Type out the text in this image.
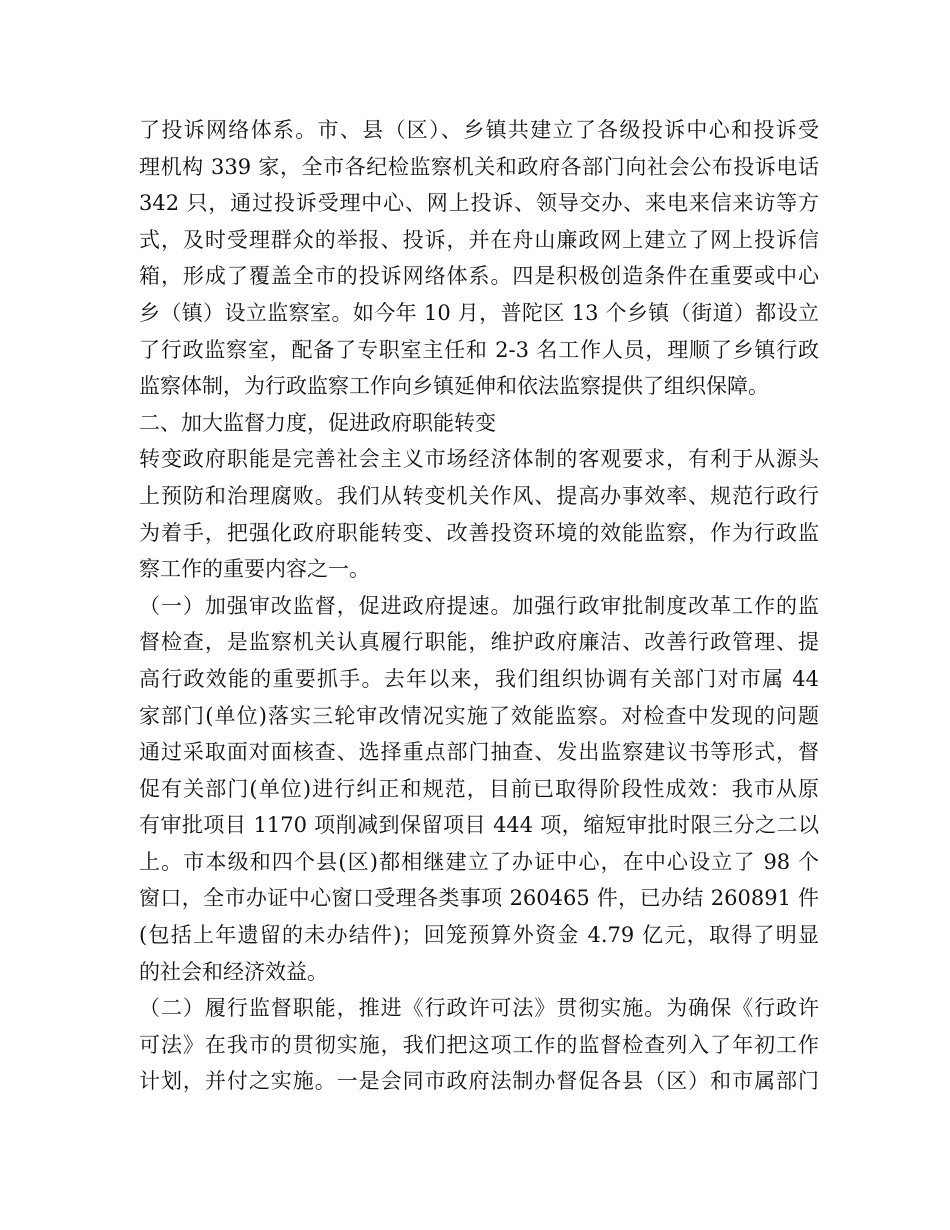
了投诉网络体系。市、县（区）、乡镇共建立了各级投诉中心和投诉受
理机构 339 家，全市各纪检监察机关和政府各部门向社会公布投诉电话
342 只，通过投诉受理中心、网上投诉、领导交办、来电来信来访等方
式，及时受理群众的举报、投诉，并在舟山廉政网上建立了网上投诉信
箱，形成了覆盖全市的投诉网络体系。四是积极创造条件在重要或中心
乡（镇）设立监察室。如今年 10 月，普陀区 13 个乡镇（街道）都设立
了行政监察室，配备了专职室主任和 2-3 名工作人员，理顺了乡镇行政
监察体制，为行政监察工作向乡镇延伸和依法监察提供了组织保障。
二、加大监督力度，促进政府职能转变
转变政府职能是完善社会主义市场经济体制的客观要求，有利于从源头
上预防和治理腐败。我们从转变机关作风、提高办事效率、规范行政行
为着手，把强化政府职能转变、改善投资环境的效能监察，作为行政监
察工作的重要内容之一。
（一）加强审改监督，促进政府提速。加强行政审批制度改革工作的监
督检查，是监察机关认真履行职能，维护政府廉洁、改善行政管理、提
高行政效能的重要抓手。去年以来，我们组织协调有关部门对市属 44
家部门(单位)落实三轮审改情况实施了效能监察。对检查中发现的问题
通过采取面对面核查、选择重点部门抽查、发出监察建议书等形式，督
促有关部门(单位)进行纠正和规范，目前已取得阶段性成效：我市从原
有审批项目 1170 项削减到保留项目 444 项，缩短审批时限三分之二以
上。市本级和四个县(区)都相继建立了办证中心，在中心设立了 98 个
窗口，全市办证中心窗口受理各类事项 260465 件，已办结 260891 件
(包括上年遗留的未办结件)；回笼预算外资金 4.79 亿元，取得了明显
的社会和经济效益。
（二）履行监督职能，推进《行政许可法》贯彻实施。为确保《行政许
可法》在我市的贯彻实施，我们把这项工作的监督检查列入了年初工作
计划，并付之实施。一是会同市政府法制办督促各县（区）和市属部门
